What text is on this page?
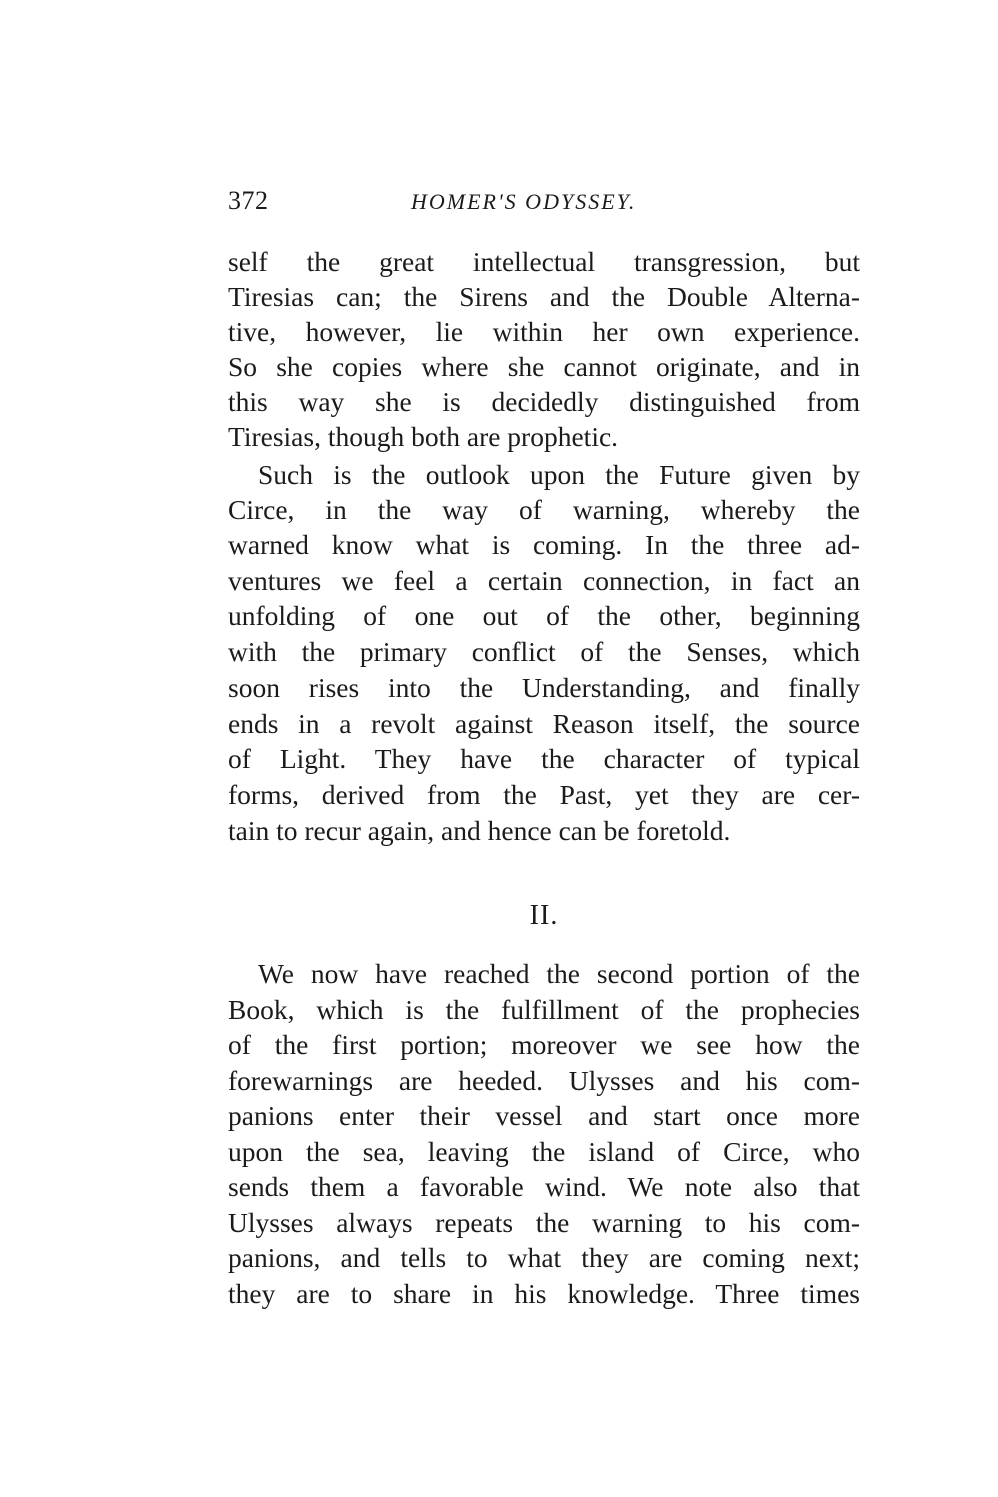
372	HOMER'S ODYSSEY.
self the great intellectual transgression, but
Tiresias can; the Sirens and the Double Alterna-
tive, however, lie within her own experience.
So she copies where she cannot originate, and in
this way she is decidedly distinguished from
Tiresias, though both are prophetic.
Such is the outlook upon the Future given by
Circe, in the way of warning, whereby the
warned know what is coming. In the three ad-
ventures we feel a certain connection, in fact an
unfolding of one out of the other, beginning
with the primary conflict of the Senses, which
soon rises into the Understanding, and finally
ends in a revolt against Reason itself, the source
of Light. They have the character of typical
forms, derived from the Past, yet they are cer-
tain to recur again, and hence can be foretold.
II.
We now have reached the second portion of the
Book, which is the fulfillment of the prophecies
of the first portion; moreover we see how the
forewarnings are heeded. Ulysses and his com-
panions enter their vessel and start once more
upon the sea, leaving the island of Circe, who
sends them a favorable wind. We note also that
Ulysses always repeats the warning to his com-
panions, and tells to what they are coming next;
they are to share in his knowledge. Three times
